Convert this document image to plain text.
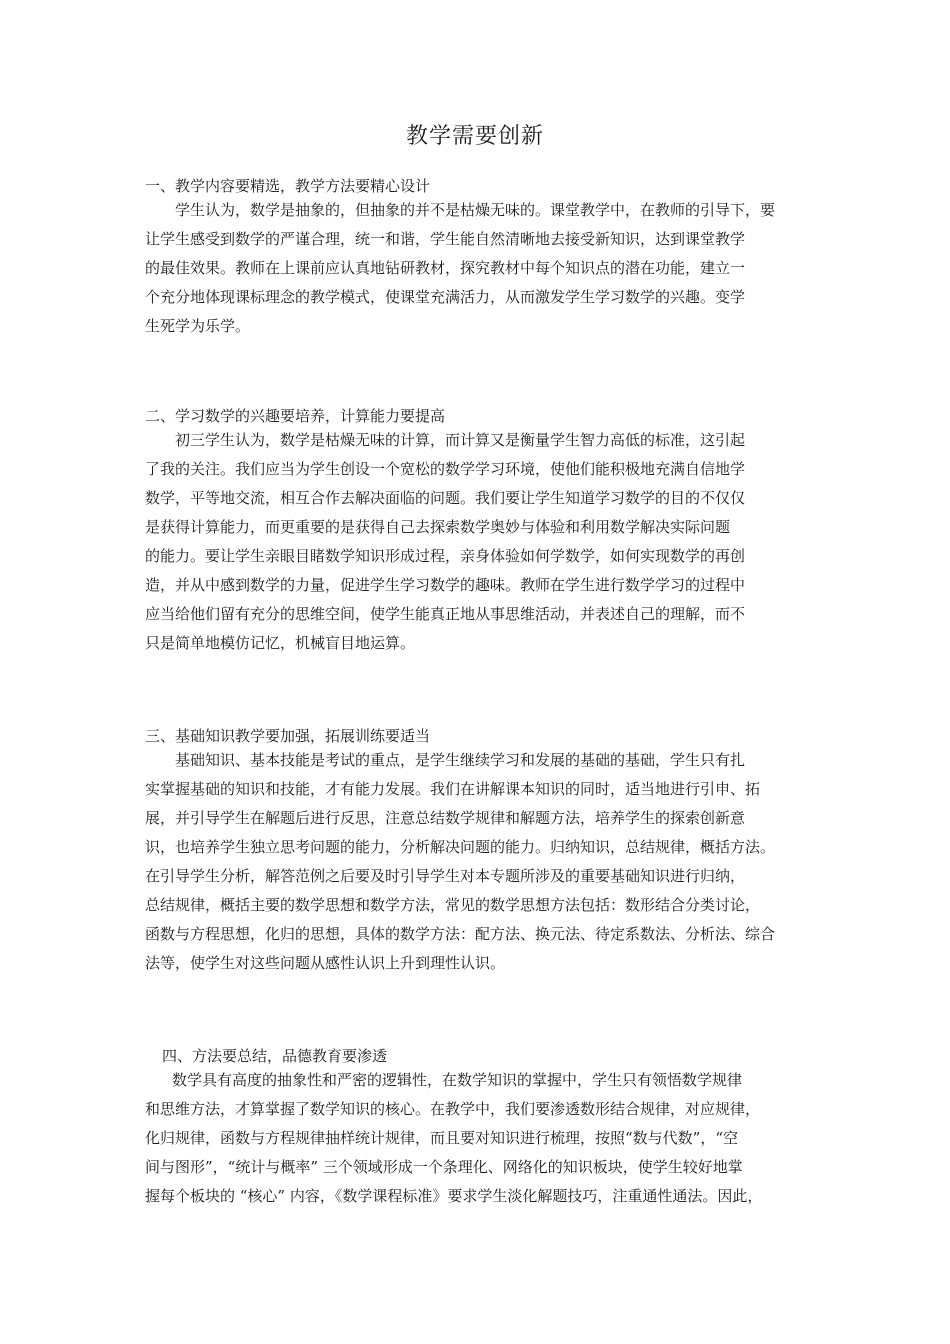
教学需要创新
一、教学内容要精选，教学方法要精心设计
学生认为，数学是抽象的，但抽象的并不是枯燥无味的。课堂教学中，在教师的引导下，要
让学生感受到数学的严谨合理，统一和谐，学生能自然清晰地去接受新知识，达到课堂教学
的最佳效果。教师在上课前应认真地钻研教材，探究教材中每个知识点的潜在功能，建立一
个充分地体现课标理念的教学模式，使课堂充满活力，从而激发学生学习数学的兴趣。变学
生死学为乐学。
二、学习数学的兴趣要培养，计算能力要提高
初三学生认为，数学是枯燥无味的计算，而计算又是衡量学生智力高低的标准，这引起
了我的关注。我们应当为学生创设一个宽松的数学学习环境，使他们能积极地充满自信地学
数学，平等地交流，相互合作去解决面临的问题。我们要让学生知道学习数学的目的不仅仅
是获得计算能力，而更重要的是获得自己去探索数学奥妙与体验和利用数学解决实际问题
的能力。要让学生亲眼目睹数学知识形成过程，亲身体验如何学数学，如何实现数学的再创
造，并从中感到数学的力量，促进学生学习数学的趣味。教师在学生进行数学学习的过程中
应当给他们留有充分的思维空间，使学生能真正地从事思维活动，并表述自己的理解，而不
只是简单地模仿记忆，机械盲目地运算。
三、基础知识教学要加强，拓展训练要适当
基础知识、基本技能是考试的重点，是学生继续学习和发展的基础的基础，学生只有扎
实掌握基础的知识和技能，才有能力发展。我们在讲解课本知识的同时，适当地进行引申、拓
展，并引导学生在解题后进行反思，注意总结数学规律和解题方法，培养学生的探索创新意
识，也培养学生独立思考问题的能力，分析解决问题的能力。归纳知识，总结规律，概括方法。
在引导学生分析，解答范例之后要及时引导学生对本专题所涉及的重要基础知识进行归纳，
总结规律，概括主要的数学思想和数学方法，常见的数学思想方法包括：数形结合分类讨论，
函数与方程思想，化归的思想，具体的数学方法：配方法、换元法、待定系数法、分析法、综合
法等，使学生对这些问题从感性认识上升到理性认识。
四、方法要总结，品德教育要渗透
数学具有高度的抽象性和严密的逻辑性，在数学知识的掌握中，学生只有领悟数学规律
和思维方法，才算掌握了数学知识的核心。在教学中，我们要渗透数形结合规律，对应规律，
化归规律，函数与方程规律抽样统计规律，而且要对知识进行梳理，按照“数与代数”，“空
间与图形”，“统计与概率” 三个领域形成一个条理化、网络化的知识板块，使学生较好地掌
握每个板块的 “核心” 内容，《数学课程标准》要求学生淡化解题技巧，注重通性通法。因此，
